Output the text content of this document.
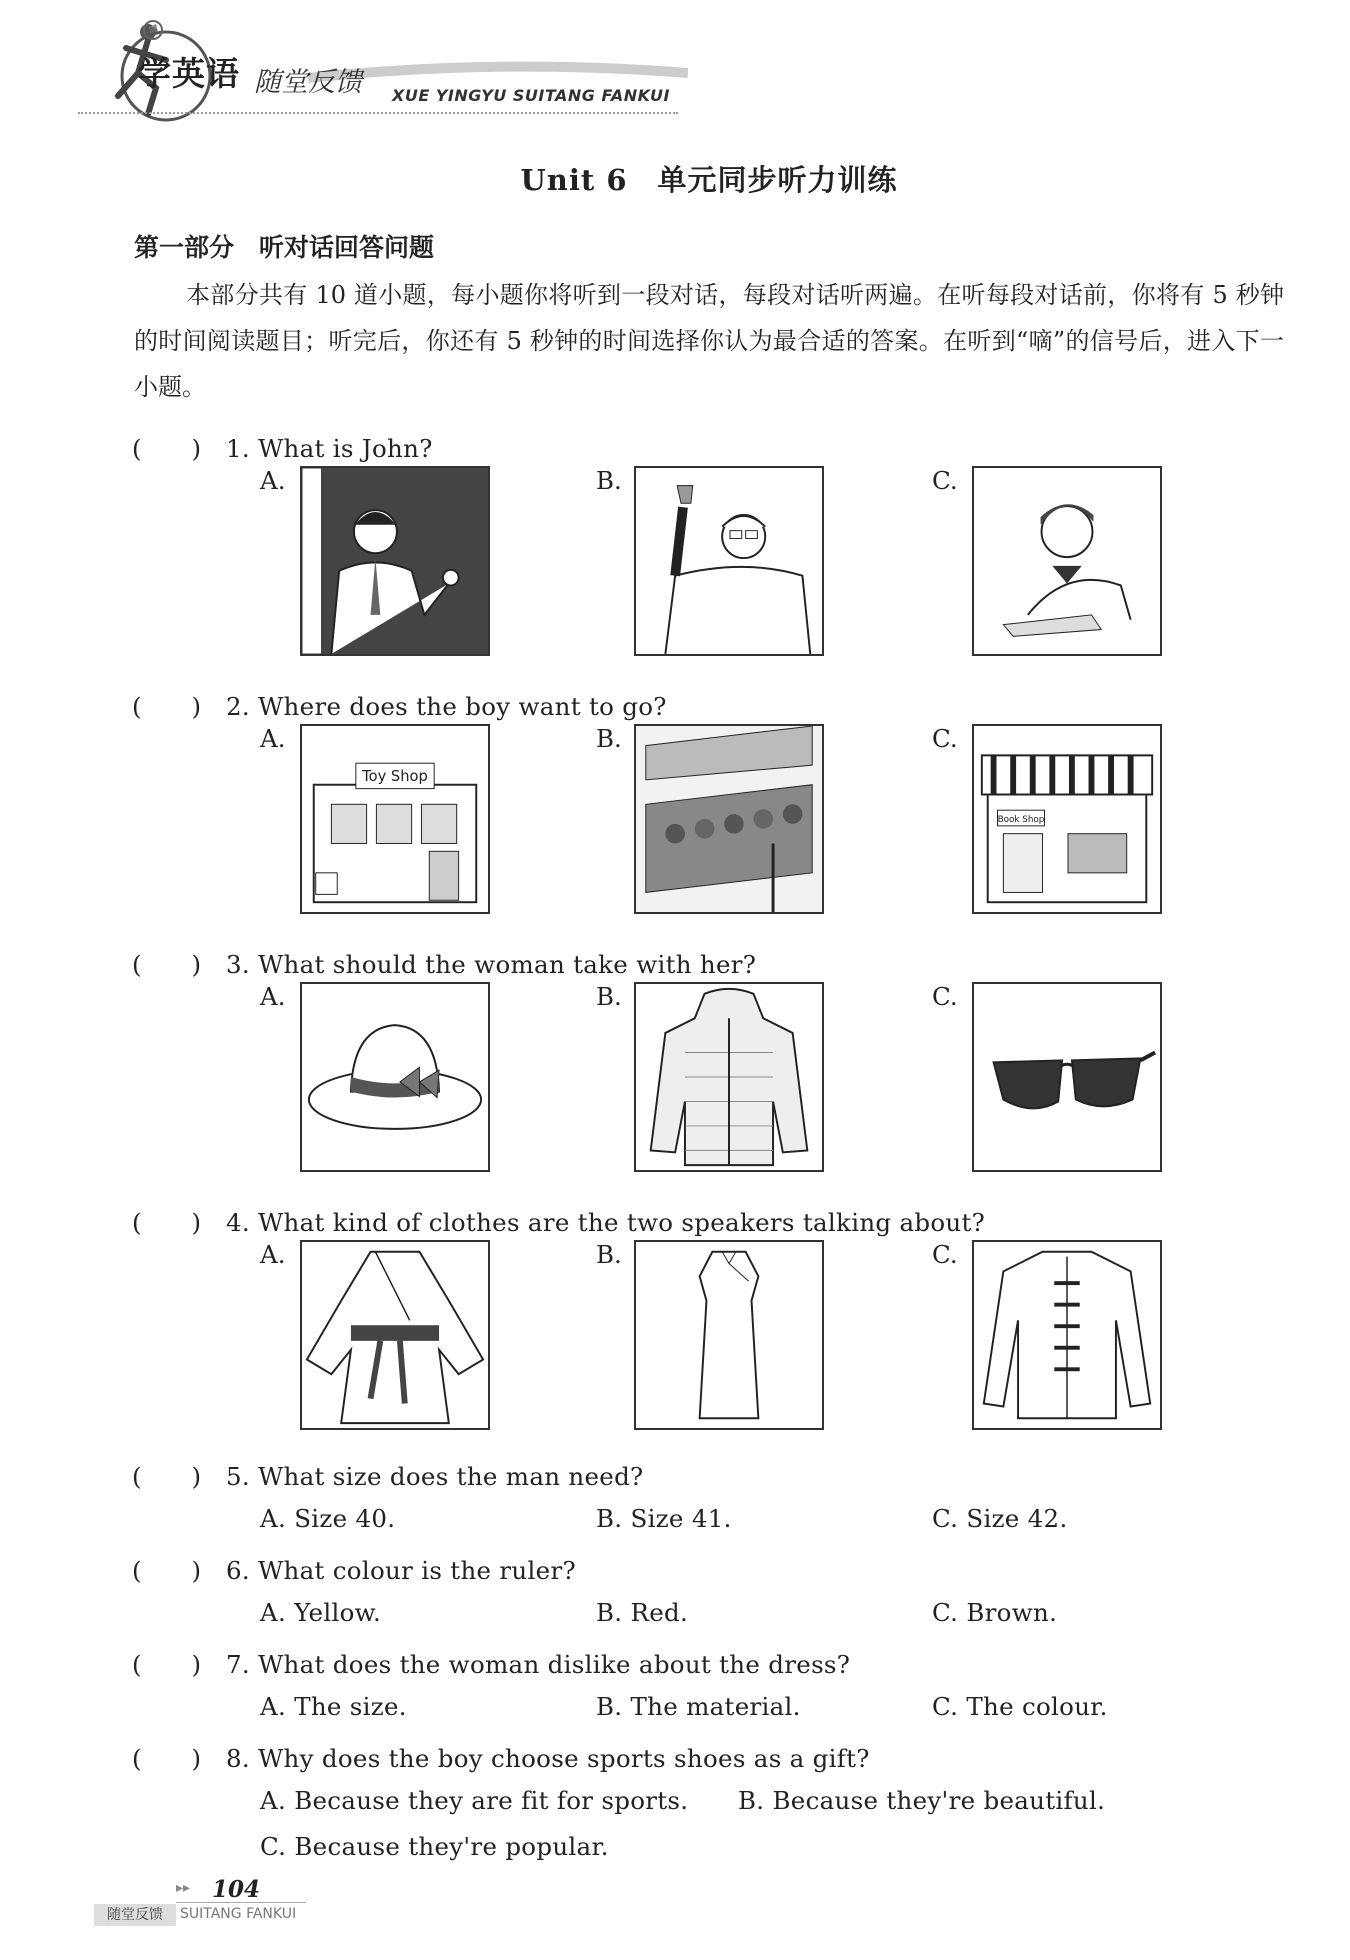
学英语 随堂反馈 XUE YINGYU SUITANG FANKUI
Unit 6　单元同步听力训练
第一部分　听对话回答问题
本部分共有 10 道小题，每小题你将听到一段对话，每段对话听两遍。在听每段对话前，你将有 5 秒钟的时间阅读题目；听完后，你还有 5 秒钟的时间选择你认为最合适的答案。在听到“嘀”的信号后，进入下一小题。
(　　) 1. What is John?
A.	B.	C.
(　　) 2. Where does the boy want to go?
A.
Toy Shop
B.	C.
Book Shop
(　　) 3. What should the woman take with her?
A.	B.	C.
(　　) 4. What kind of clothes are the two speakers talking about?
A.	B.	C.
(　　) 5. What size does the man need?
A. Size 40.	B. Size 41.	C. Size 42.
(　　) 6. What colour is the ruler?
A. Yellow.	B. Red.	C. Brown.
(　　) 7. What does the woman dislike about the dress?
A. The size.	B. The material.	C. The colour.
(　　) 8. Why does the boy choose sports shoes as a gift?
A. Because they are fit for sports. B. Because they're beautiful.
C. Because they're popular.
▸▸ 104
随堂反馈	SUITANG FANKUI
